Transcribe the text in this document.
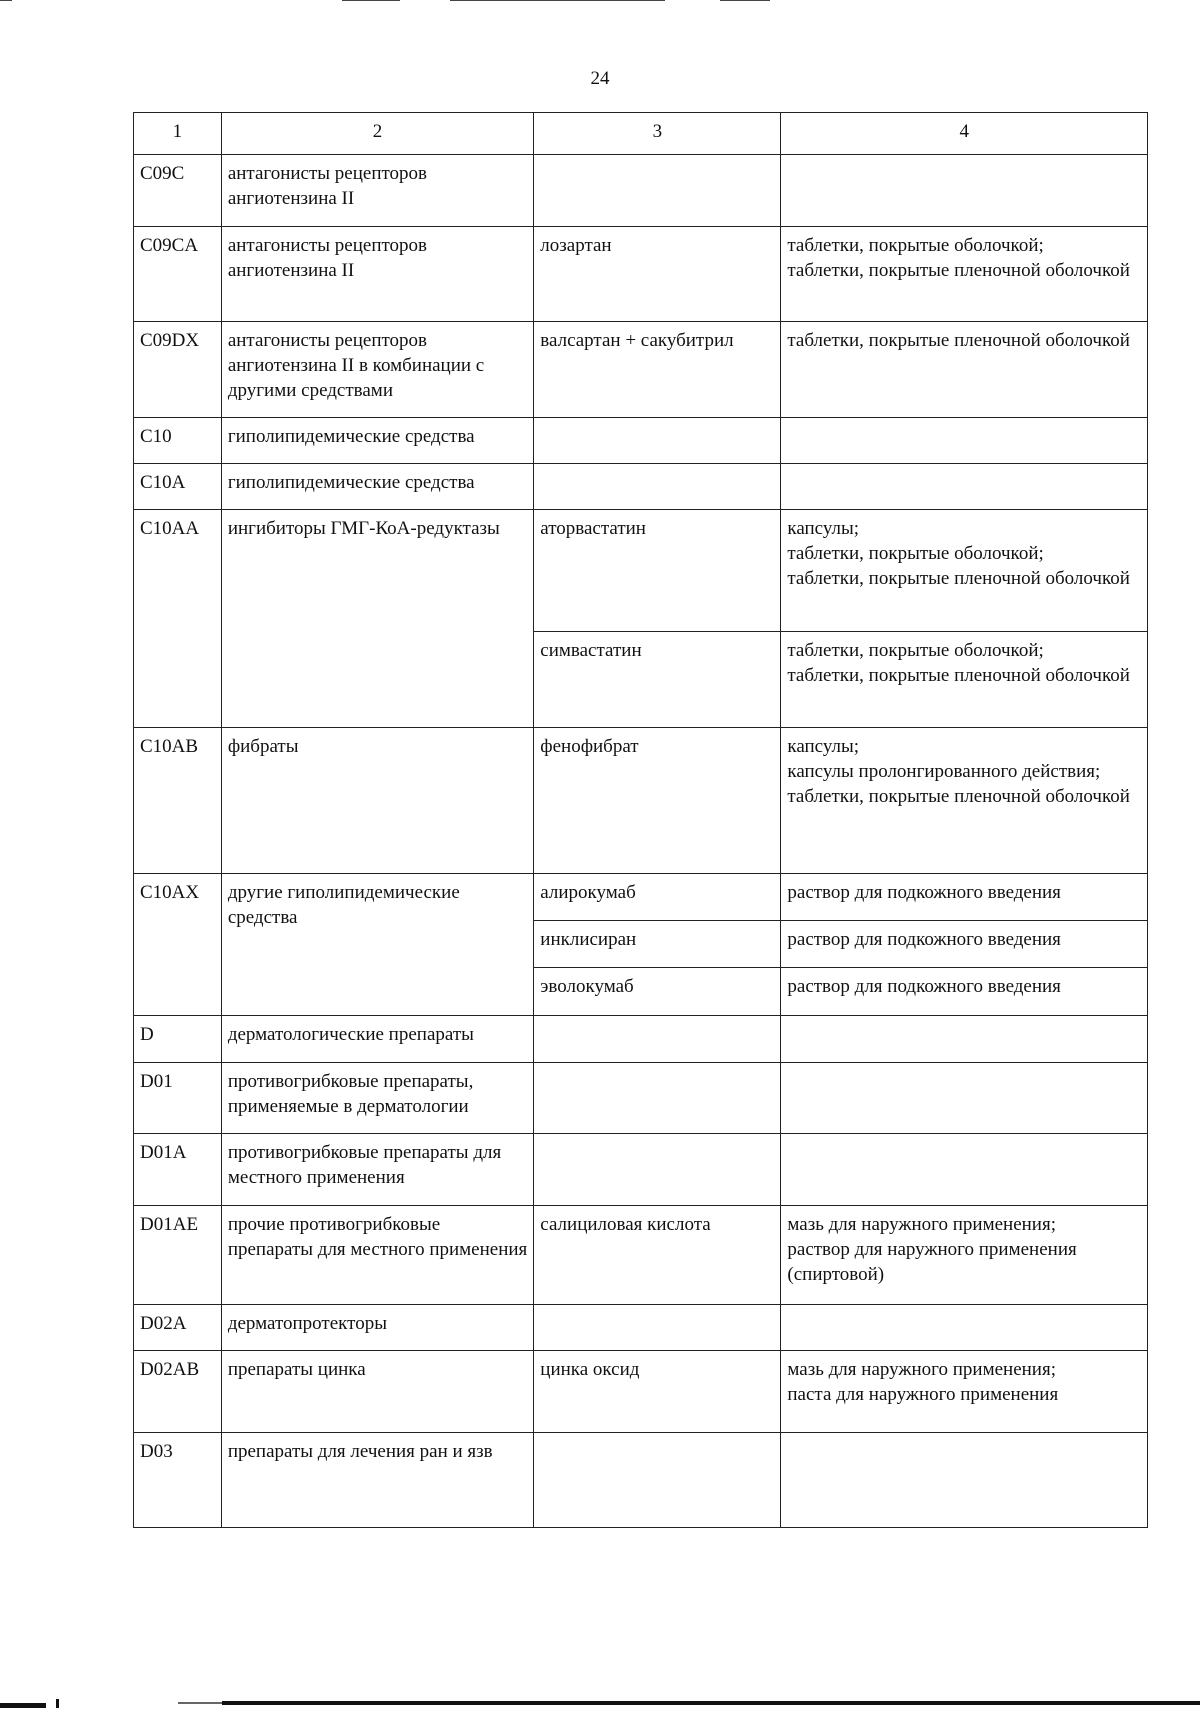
24
1	2	3	4
C09C	антагонисты рецепторов ангиотензина II		
C09CA	антагонисты рецепторов ангиотензина II	лозартан	таблетки, покрытые оболочкой;
таблетки, покрытые пленочной оболочкой

C09DX	антагонисты рецепторов ангиотензина II в комбинации с другими средствами	валсартан + сакубитрил	таблетки, покрытые пленочной оболочкой

C10	гиполипидемические средства		
C10A	гиполипидемические средства		
C10AA	ингибиторы ГМГ-КоА-редуктазы	аторвастатин	капсулы;
таблетки, покрытые оболочкой;
таблетки, покрытые пленочной оболочкой

		симвастатин	таблетки, покрытые оболочкой;
таблетки, покрытые пленочной оболочкой

C10AB	фибраты	фенофибрат	капсулы;
капсулы пролонгированного действия;
таблетки, покрытые пленочной оболочкой

C10AX	другие гиполипидемические средства	алирокумаб	раствор для подкожного введения

		инклисиран	раствор для подкожного введения

		эволокумаб	раствор для подкожного введения

D	дерматологические препараты		
D01	противогрибковые препараты, применяемые в дерматологии		
D01A	противогрибковые препараты для местного применения		
D01AE	прочие противогрибковые препараты для местного применения	салициловая кислота	мазь для наружного применения;
раствор для наружного применения (спиртовой)

D02A	дерматопротекторы		
D02AB	препараты цинка	цинка оксид	мазь для наружного применения;
паста для наружного применения

D03	препараты для лечения ран и язв		
